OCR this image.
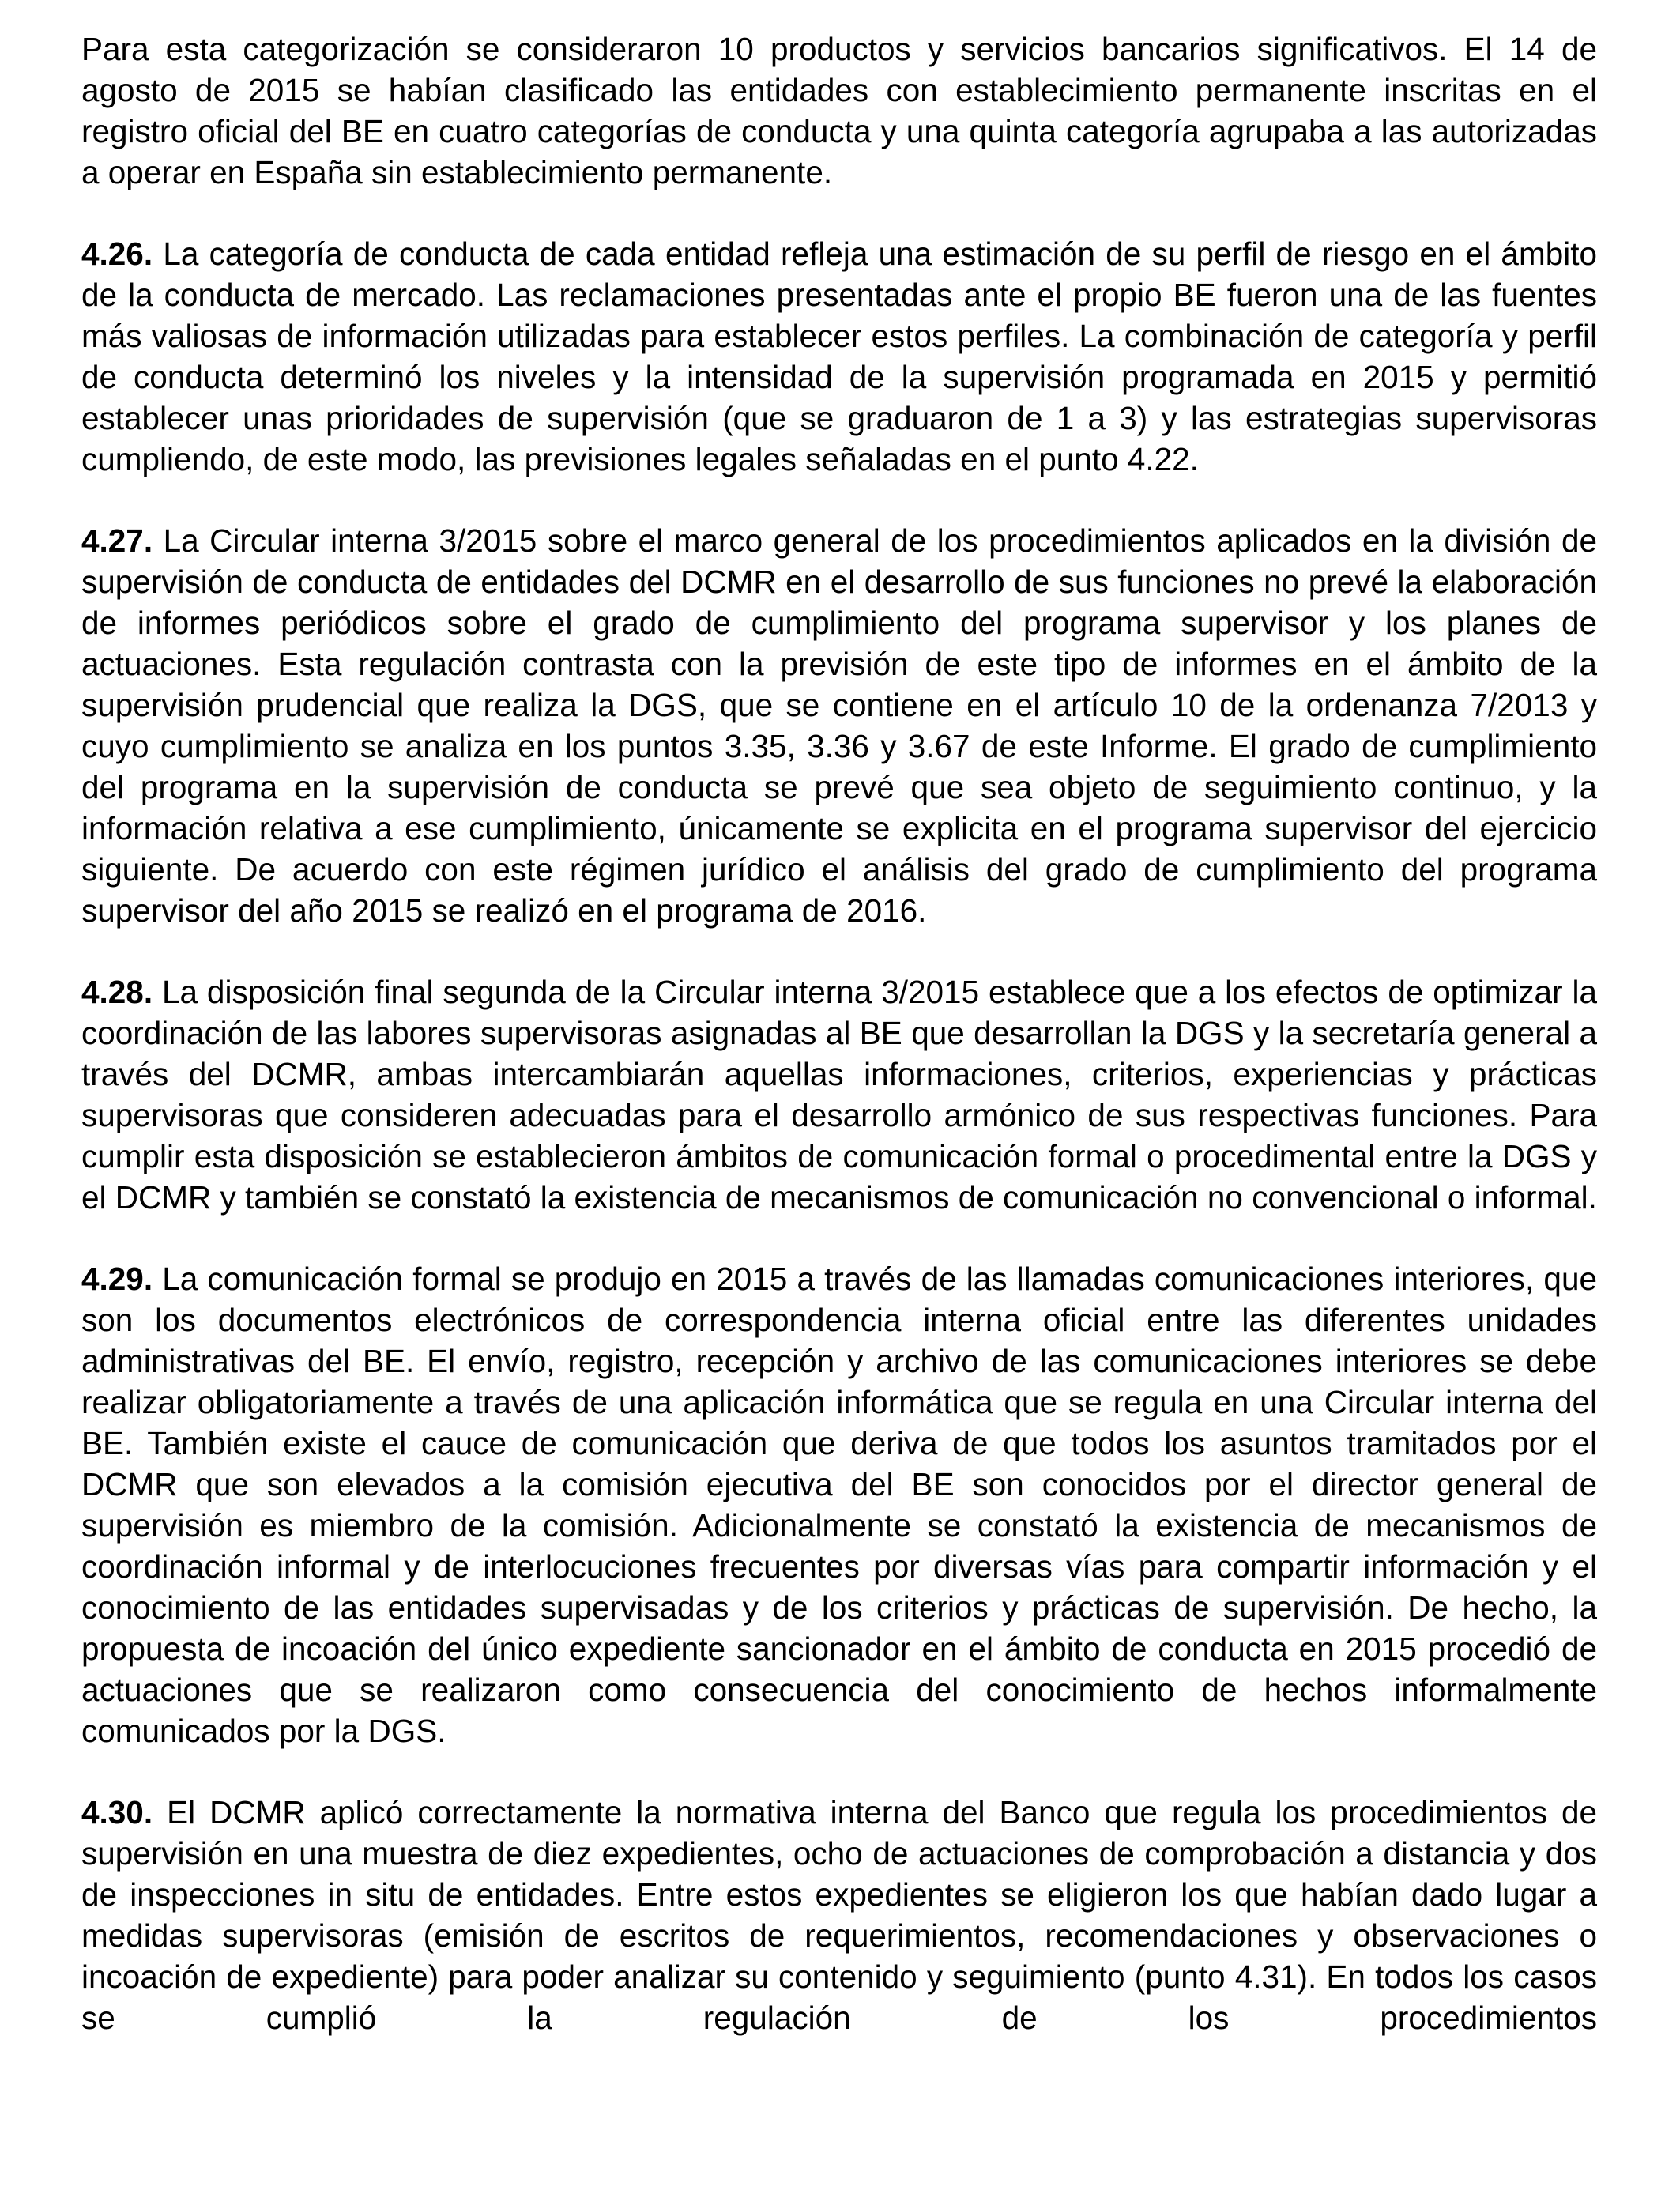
Para esta categorización se consideraron 10 productos y servicios bancarios significativos. El 14 de agosto de 2015 se habían clasificado las entidades con establecimiento permanente inscritas en el registro oficial del BE en cuatro categorías de conducta y una quinta categoría agrupaba a las autorizadas a operar en España sin establecimiento permanente.

4.26. La categoría de conducta de cada entidad refleja una estimación de su perfil de riesgo en el ámbito de la conducta de mercado. Las reclamaciones presentadas ante el propio BE fueron una de las fuentes más valiosas de información utilizadas para establecer estos perfiles. La combinación de categoría y perfil de conducta determinó los niveles y la intensidad de la supervisión programada en 2015 y permitió establecer unas prioridades de supervisión (que se graduaron de 1 a 3) y las estrategias supervisoras cumpliendo, de este modo, las previsiones legales señaladas en el punto 4.22.

4.27. La Circular interna 3/2015 sobre el marco general de los procedimientos aplicados en la división de supervisión de conducta de entidades del DCMR en el desarrollo de sus funciones no prevé la elaboración de informes periódicos sobre el grado de cumplimiento del programa supervisor y los planes de actuaciones. Esta regulación contrasta con la previsión de este tipo de informes en el ámbito de la supervisión prudencial que realiza la DGS, que se contiene en el artículo 10 de la ordenanza 7/2013 y cuyo cumplimiento se analiza en los puntos 3.35, 3.36 y 3.67 de este Informe. El grado de cumplimiento del programa en la supervisión de conducta se prevé que sea objeto de seguimiento continuo, y la información relativa a ese cumplimiento, únicamente se explicita en el programa supervisor del ejercicio siguiente. De acuerdo con este régimen jurídico el análisis del grado de cumplimiento del programa supervisor del año 2015 se realizó en el programa de 2016.

4.28. La disposición final segunda de la Circular interna 3/2015 establece que a los efectos de optimizar la coordinación de las labores supervisoras asignadas al BE que desarrollan la DGS y la secretaría general a través del DCMR, ambas intercambiarán aquellas informaciones, criterios, experiencias y prácticas supervisoras que consideren adecuadas para el desarrollo armónico de sus respectivas funciones. Para cumplir esta disposición se establecieron ámbitos de comunicación formal o procedimental entre la DGS y el DCMR y también se constató la existencia de mecanismos de comunicación no convencional o informal.

4.29. La comunicación formal se produjo en 2015 a través de las llamadas comunicaciones interiores, que son los documentos electrónicos de correspondencia interna oficial entre las diferentes unidades administrativas del BE. El envío, registro, recepción y archivo de las comunicaciones interiores se debe realizar obligatoriamente a través de una aplicación informática que se regula en una Circular interna del BE. También existe el cauce de comunicación que deriva de que todos los asuntos tramitados por el DCMR que son elevados a la comisión ejecutiva del BE son conocidos por el director general de supervisión es miembro de la comisión. Adicionalmente se constató la existencia de mecanismos de coordinación informal y de interlocuciones frecuentes por diversas vías para compartir información y el conocimiento de las entidades supervisadas y de los criterios y prácticas de supervisión. De hecho, la propuesta de incoación del único expediente sancionador en el ámbito de conducta en 2015 procedió de actuaciones que se realizaron como consecuencia del conocimiento de hechos informalmente comunicados por la DGS.

4.30. El DCMR aplicó correctamente la normativa interna del Banco que regula los procedimientos de supervisión en una muestra de diez expedientes, ocho de actuaciones de comprobación a distancia y dos de inspecciones in situ de entidades. Entre estos expedientes se eligieron los que habían dado lugar a medidas supervisoras (emisión de escritos de requerimientos, recomendaciones y observaciones o incoación de expediente) para poder analizar su contenido y seguimiento (punto 4.31). En todos los casos se cumplió la regulación de los procedimientos
